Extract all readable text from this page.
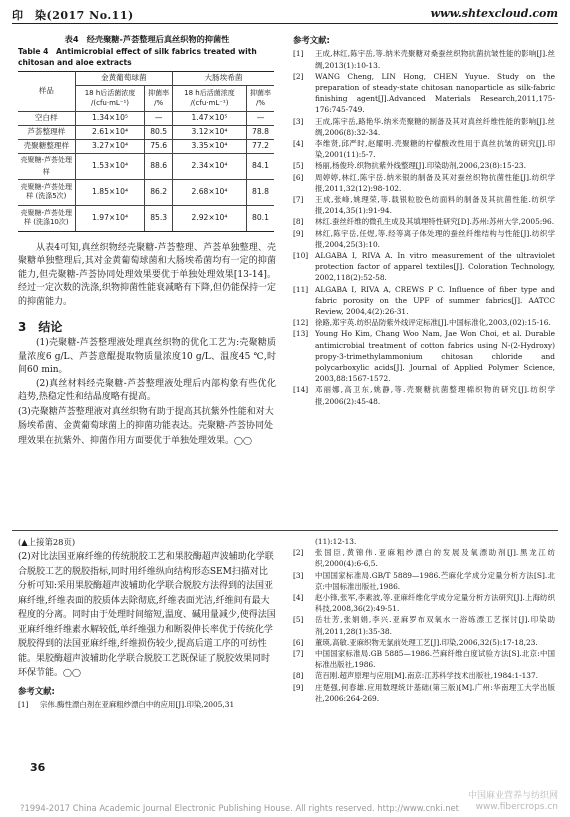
印　染(2017 No.11)	www.shtexcloud.com
表4　经壳聚糖-芦荟整理后真丝织物的抑菌性
Table 4　Antimicrobial effect of silk fabrics treated with chitosan and aloe extracts
样品	金黄葡萄球菌		大肠埃希菌	
	18 h后活菌浓度 /(cfu·mL⁻¹)	抑菌率 /%	18 h后活菌浓度 /(cfu·mL⁻¹)	抑菌率 /%
空白样	1.34×10⁵	—	1.47×10⁵	—
芦荟整理样	2.61×10⁴	80.5	3.12×10⁴	78.8
壳聚糖整理样	3.27×10⁴	75.6	3.35×10⁴	77.2
壳聚糖-芦荟处理样	1.53×10⁴	88.6	2.34×10⁴	84.1
壳聚糖-芦荟处理样 (洗涤5次)	1.85×10⁴	86.2	2.68×10⁴	81.8
壳聚糖-芦荟处理样 (洗涤10次)	1.97×10⁴	85.3	2.92×10⁴	80.1

从表4可知,真丝织物经壳聚糖-芦荟整理、芦荟单独整理、壳聚糖单独整理后,其对金黄葡萄球菌和大肠埃希菌均有一定的抑菌能力,但壳聚糖-芦荟协同处理效果要优于单独处理效果[13-14]。经过一定次数的洗涤,织物抑菌性能衰减略有下降,但仍能保持一定的抑菌能力。

3　结论

(1)壳聚糖-芦荟整理液处理真丝织物的优化工艺为:壳聚糖质量浓度6 g/L、芦荟意醌提取物质量浓度10 g/L、温度45 ℃,时间60 min。

(2)真丝材料经壳聚糖-芦荟整理液处理后内部构象有些优化趋势,热稳定性和结晶度略有提高。

(3)壳聚糖芦荟整理液对真丝织物有助于提高其抗紫外性能和对大肠埃希菌、金黄葡萄球菌上的抑菌功能表达。壳聚糖-芦荟协同处理效果在抗紫外、抑菌作用方面要优于单独处理效果。

◯◯
参考文献:
[1]	王成,林红,陈宇岳,等.纳米壳聚糖对桑蚕丝织物抗菌抗皱性能的影响[J].丝绸,2013(1):10-13.
[2]	WANG Cheng, LIN Hong, CHEN Yuyue. Study on the preparation of steady-state chitosan nanoparticle as silk-fabric finishing agent[J].Advanced Materials Research,2011,175-176:745-749.
[3]	王成,陈宇岳,路艳华.纳米壳聚糖的制备及其对真丝纤维性能的影响[J].丝绸,2006(8):32-34.
[4]	李维贤,邱严时,赵耀明.壳聚糖的柠檬酸改性用于真丝抗皱的研究[J].印染,2001(11):5-7.
[5]	杨丽,杨俊玲.织物抗紫外线整理[J].印染助剂,2006,23(8):15-23.
[6]	周婷婷,林红,陈宇岳.纳米银的制备及其对蚕丝织物抗菌性能[J].纺织学报,2011,32(12):98-102.
[7]	王成,张峰,姚理荣,等.载银粒胶色纺面料的制备及其抗菌性能.纺织学报,2014,35(1):91-94.
[8]	林红.蚕丝纤维的微孔生成及其填埋特性研究[D].苏州:苏州大学,2005:96.
[9]	林红,陈宇岳,任煜,等.经等离子体处理的蚕丝纤维结构与性能[J].纺织学报,2004,25(3):10.
[10] ALGABA I, RIVA A. In vitro measurement of the ultraviolet protection factor of apparel textiles[J]. Coloration Technology, 2002,118(2):52-58.
[11] ALGABA I, RIVA A, CREWS P C. Influence of fiber type and fabric porosity on the UPF of summer fabrics[J]. AATCC Review, 2004,4(2):26-31.
[12] 徐路,郑宇英.纺织品防紫外线评定标准[J].中国标准化,2003,(02):15-16.
[13] Young Ho Kim, Chang Woo Nam, Jae Won Choi, et al. Durable antimicrobial treatment of cotton fabrics using N-(2-Hydroxy) propy-3-trimethylammonium chitosan chloride and polycarboxylic acids[J]. Journal of Applied Polymer Science, 2003,88:1567-1572.
[14] 邓丽娜,高卫东,姚静,等.壳聚糖抗菌整理棉织物的研究[J].纺织学报,2006(2):45-48.
(▲上接第28页)

(2)对比法国亚麻纤维的传统脱胶工艺和果胶酶超声波辅助化学联合脱胶工艺的脱胶指标,同时用纤维纵向结构形态SEM扫描对比分析可知:采用果胶酶超声波辅助化学联合脱胶方法得到的法国亚麻纤维,纤维表面的胶质体去除彻底,纤维表面光洁,纤维间有最大程度的分离。同时由于处理时间缩短,温度、碱用量减少,使得法国亚麻纤维纤维素水解较低,单纤维强力和断裂伸长率优于传统化学脱胶得到的法国亚麻纤维,纤维损伤较少,提高后道工序的可纺性能。果胶酶超声波辅助化学联合脱胶工艺既保证了脱胶效果同时环保节能。

◯◯
参考文献:
[1]	宗伟.酶性漂白剂在亚麻粗纱漂白中的应用[J].印染,2005,31
(11):12-13.
[2]	张国臣,黄锦伟.亚麻粗纱漂白的发展及氧漂助剂[J].黑龙江纺织,2000(4):6-6,5.
[3]	中国国家标准局.GB/T 5889—1986.苎麻化学成分定量分析方法[S].北京:中国标准出版社,1986.
[4]	赵小锋,张军,李素波,等.亚麻纤维化学成分定量分析方法研究[J].上海纺织科技,2008,36(2):49-51.
[5]	岳壮芳,张娟娟,李兴.亚麻罗布双氧水一浴练漂工艺探讨[J].印染助剂,2011,28(1):35-38.
[6]	董瑛,高敏.亚麻织物无氯前处理工艺[J].印染,2006,32(5):17-18,23.
[7]	中国国家标准局.GB 5885—1986.苎麻纤维白度试验方法[S].北京:中国标准出版社,1986.
[8]	范百刚.超声原理与应用[M].南京:江苏科学技术出版社,1984:1-137.
[9]	庄楚强,何春雄.应用数理统计基础(第三版)[M].广州:华南理工大学出版社,2006:264-269.
36
?1994-2017 China Academic Journal Electronic Publishing House. All rights reserved. http://www.cnki.net
中国麻业营养与纺织网
www.fibercrops.cn
